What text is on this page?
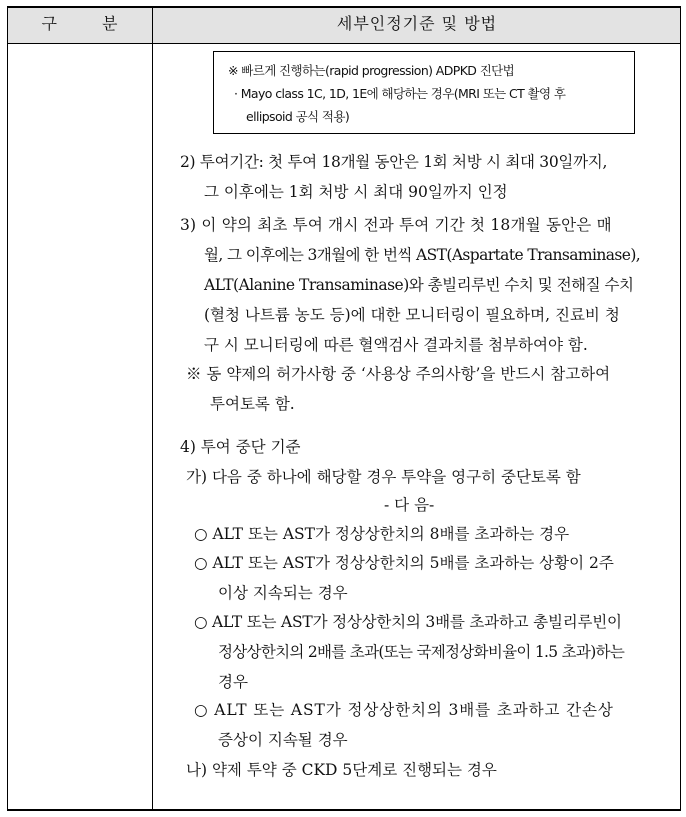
구 분	세부인정기준 및 방법
※ 빠르게 진행하는(rapid progression) ADPKD 진단법
· Mayo class 1C, 1D, 1E에 해당하는 경우(MRI 또는 CT 촬영 후
ellipsoid 공식 적용)
2) 투여기간: 첫 투여 18개월 동안은 1회 처방 시 최대 30일까지,
그 이후에는 1회 처방 시 최대 90일까지 인정
3) 이 약의 최초 투여 개시 전과 투여 기간 첫 18개월 동안은 매
월, 그 이후에는 3개월에 한 번씩 AST(Aspartate Transaminase),
ALT(Alanine Transaminase)와 총빌리루빈 수치 및 전해질 수치
(혈청 나트륨 농도 등)에 대한 모니터링이 필요하며, 진료비 청
구 시 모니터링에 따른 혈액검사 결과치를 첨부하여야 함.
※ 동 약제의 허가사항 중 ‘사용상 주의사항’을 반드시 참고하여
투여토록 함.
4) 투여 중단 기준
가) 다음 중 하나에 해당할 경우 투약을 영구히 중단토록 함
- 다 음-
○ ALT 또는 AST가 정상상한치의 8배를 초과하는 경우
○ ALT 또는 AST가 정상상한치의 5배를 초과하는 상황이 2주
이상 지속되는 경우
○ ALT 또는 AST가 정상상한치의 3배를 초과하고 총빌리루빈이
정상상한치의 2배를 초과(또는 국제정상화비율이 1.5 초과)하는
경우
○ ALT 또는 AST가 정상상한치의 3배를 초과하고 간손상
증상이 지속될 경우
나) 약제 투약 중 CKD 5단계로 진행되는 경우
